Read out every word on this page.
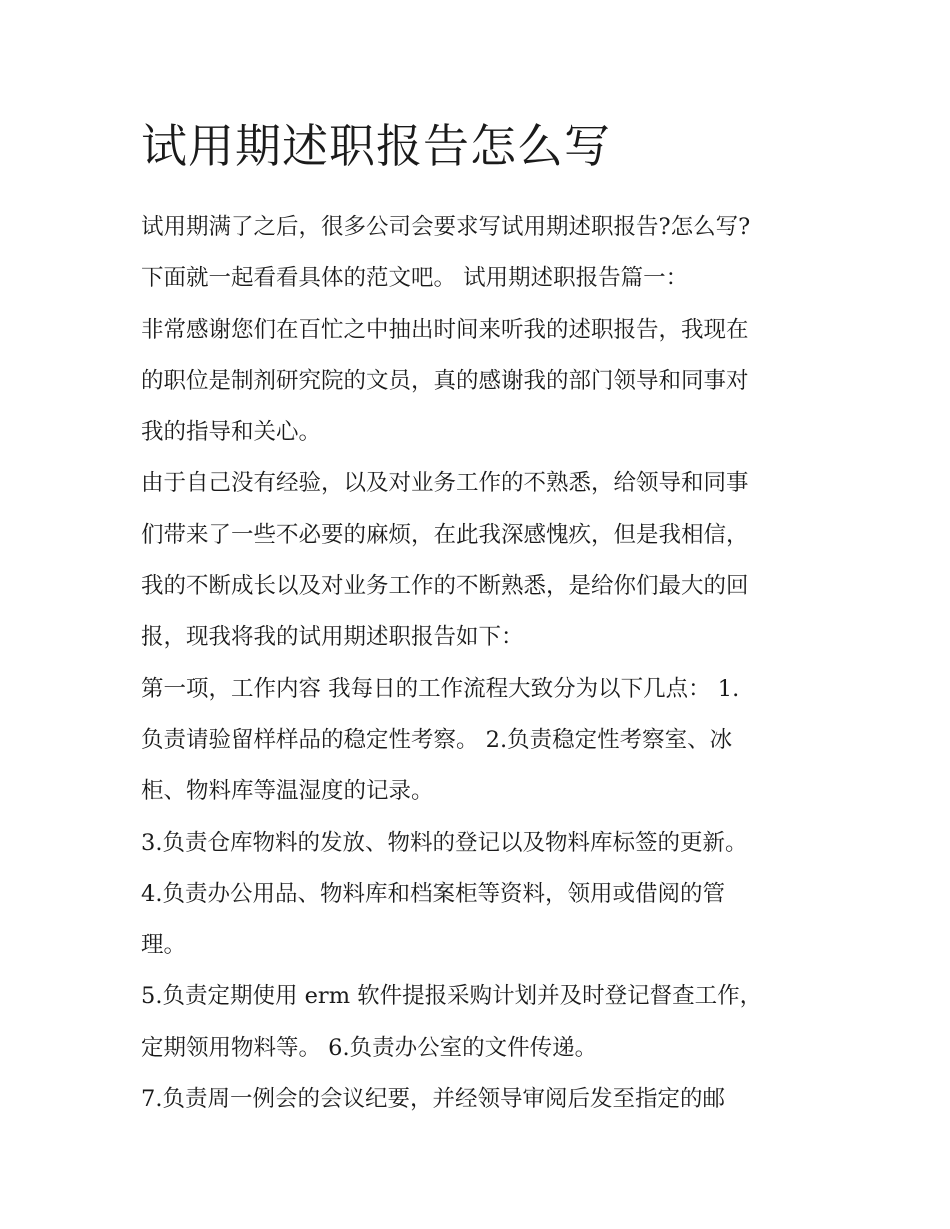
试用期述职报告怎么写

试用期满了之后，很多公司会要求写试用期述职报告?怎么写?
下面就一起看看具体的范文吧。 试用期述职报告篇一：

非常感谢您们在百忙之中抽出时间来听我的述职报告，我现在
的职位是制剂研究院的文员，真的感谢我的部门领导和同事对
我的指导和关心。

由于自己没有经验，以及对业务工作的不熟悉，给领导和同事
们带来了一些不必要的麻烦，在此我深感愧疚，但是我相信，
我的不断成长以及对业务工作的不断熟悉，是给你们最大的回
报，现我将我的试用期述职报告如下：

第一项，工作内容 我每日的工作流程大致分为以下几点： 1.
负责请验留样样品的稳定性考察。 2.负责稳定性考察室、冰
柜、物料库等温湿度的记录。

3.负责仓库物料的发放、物料的登记以及物料库标签的更新。

4.负责办公用品、物料库和档案柜等资料，领用或借阅的管
理。

5.负责定期使用 erm 软件提报采购计划并及时登记督查工作，
定期领用物料等。 6.负责办公室的文件传递。

7.负责周一例会的会议纪要，并经领导审阅后发至指定的邮
